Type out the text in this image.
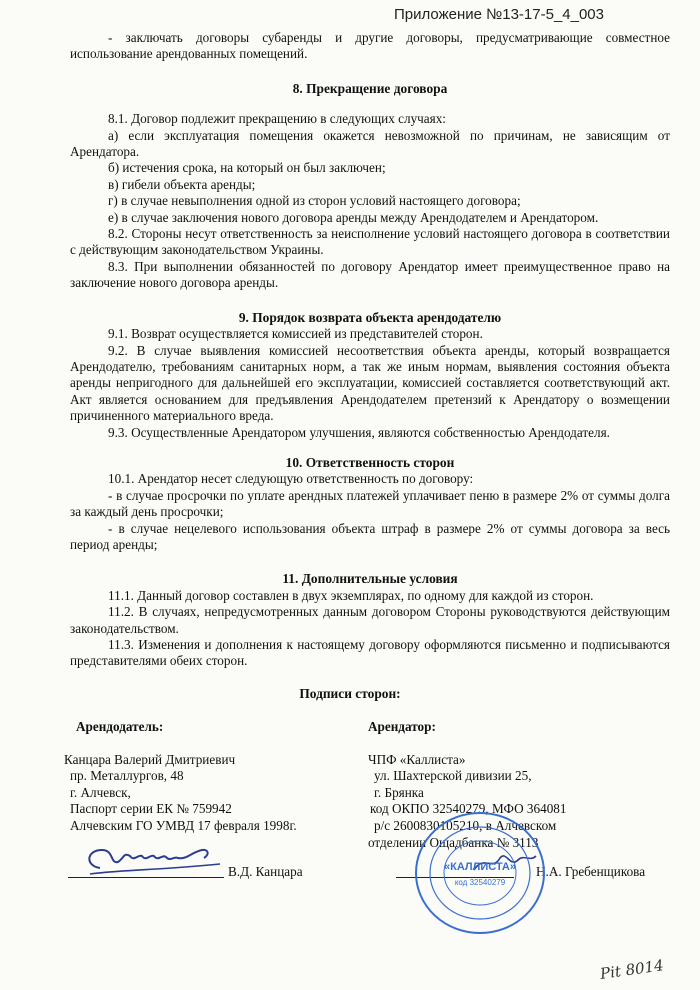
Приложение №13-17-5_4_003

- заключать договоры субаренды и другие договоры, предусматривающие совместное использование арендованных помещений.

8. Прекращение договора

8.1. Договор подлежит прекращению в следующих случаях:

а) если эксплуатация помещения окажется невозможной по причинам, не зависящим от Арендатора.

б) истечения срока, на который он был заключен;

в) гибели объекта аренды;

г) в случае невыполнения одной из сторон условий настоящего договора;

е) в случае заключения нового договора аренды между Арендодателем и Арендатором.

8.2. Стороны несут ответственность за неисполнение условий настоящего договора в соответствии с действующим законодательством Украины.

8.3. При выполнении обязанностей по договору Арендатор имеет преимущественное право на заключение нового договора аренды.

9. Порядок возврата объекта арендодателю

9.1. Возврат осуществляется комиссией из представителей сторон.

9.2. В случае выявления комиссией несоответствия объекта аренды, который возвращается Арендодателю, требованиям санитарных норм, а так же иным нормам, выявления состояния объекта аренды непригодного для дальнейшей его эксплуатации, комиссией составляется соответствующий акт. Акт является основанием для предъявления Арендодателем претензий к Арендатору о возмещении причиненного материального вреда.

9.3. Осуществленные Арендатором улучшения, являются собственностью Арендодателя.

10. Ответственность сторон

10.1. Арендатор несет следующую ответственность по договору:

- в случае просрочки по уплате арендных платежей уплачивает пеню в размере 2% от суммы долга за каждый день просрочки;

- в случае нецелевого использования объекта штраф в размере 2% от суммы договора за весь период аренды;

11. Дополнительные условия

11.1. Данный договор составлен в двух экземплярах, по одному для каждой из сторон.

11.2. В случаях, непредусмотренных данным договором Стороны руководствуются действующим законодательством.

11.3. Изменения и дополнения к настоящему договору оформляются письменно и подписываются представителями обеих сторон.

Подписи сторон:
Арендодатель:
Канцара Валерий Дмитриевич
пр. Металлургов, 48
г. Алчевск,
Паспорт серии ЕК № 759942
Алчевским ГО УМВД 17 февраля 1998г.
Арендатор:
ЧПФ «Каллиста»
ул. Шахтерской дивизии 25,
г. Брянка
код ОКПО 32540279, МФО 364081
р/с 2600830105210, в Алчевском
отделении Ощадбанка № 3113
В.Д. Канцара	Н.А. Гребенщикова
«КАЛЛИСТА»
код 32540279
Pit 8014
